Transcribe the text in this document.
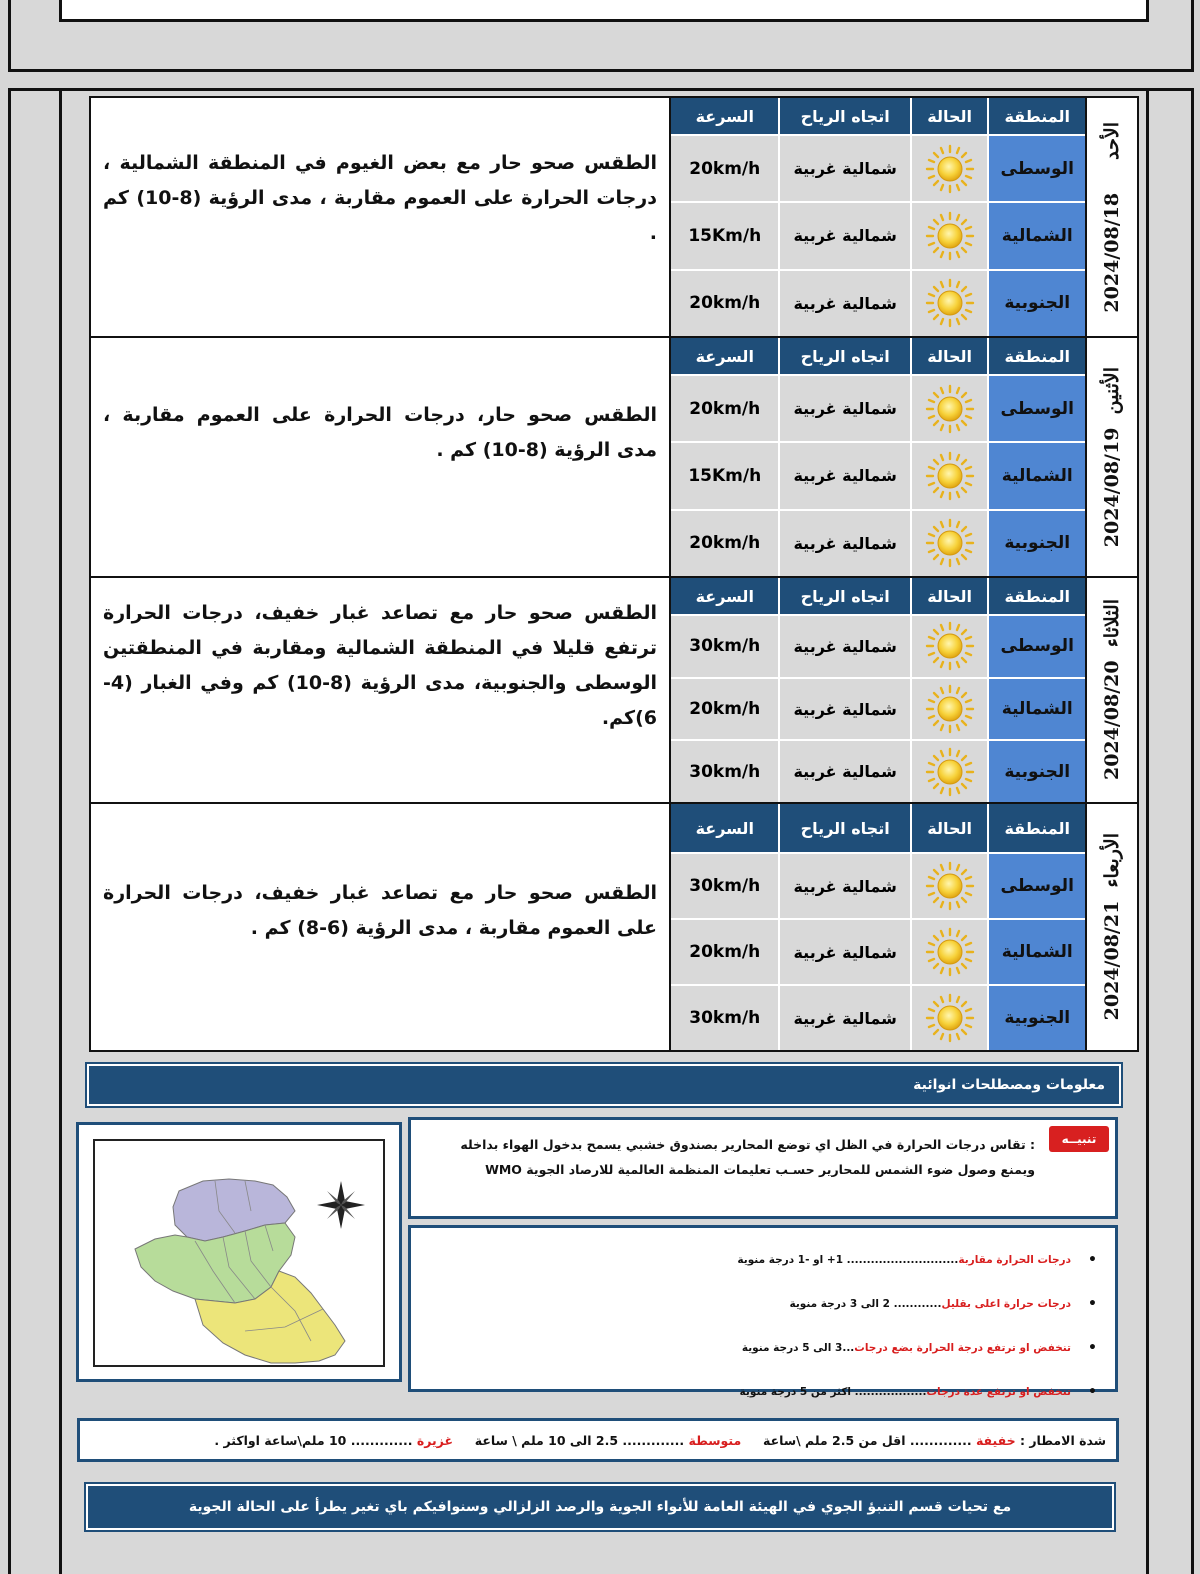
الأحد     2024/08/18
المنطقة
الحالة
اتجاه الرياح
السرعة
الوسطى
شمالية غربية
20km/h
الشمالية
شمالية غربية
15Km/h
الجنوبية
شمالية غربية
20km/h
الطقس صحو حار مع بعض الغيوم في المنطقة الشمالية ، درجات الحرارة على العموم مقاربة ، مدى الرؤية (8-10) كم .
الأثنين  2024/08/19
المنطقة
الحالة
اتجاه الرياح
السرعة
الوسطى
شمالية غربية
20km/h
الشمالية
شمالية غربية
15Km/h
الجنوبية
شمالية غربية
20km/h
الطقس صحو حار، درجات الحرارة على العموم مقاربة ، مدى الرؤية (8-10) كم .
الثلاثاء  2024/08/20
المنطقة
الحالة
اتجاه الرياح
السرعة
الوسطى
شمالية غربية
30km/h
الشمالية
شمالية غربية
20km/h
الجنوبية
شمالية غربية
30km/h
الطقس صحو حار مع تصاعد غبار خفيف، درجات الحرارة ترتفع قليلا في المنطقة الشمالية ومقاربة في المنطقتين الوسطى والجنوبية، مدى الرؤية (8-10) كم وفي الغبار (4-6)كم.
الأربعاء  2024/08/21
المنطقة
الحالة
اتجاه الرياح
السرعة
الوسطى
شمالية غربية
30km/h
الشمالية
شمالية غربية
20km/h
الجنوبية
شمالية غربية
30km/h
الطقس صحو حار مع تصاعد غبار خفيف، درجات الحرارة على العموم مقاربة ، مدى الرؤية (6-8) كم .
معلومات ومصطلحات انوائية
تنبيــه
: تقاس درجات الحرارة في الظل اي توضع المحارير بصندوق خشبي يسمح بدخول الهواء بداخله ويمنع وصول ضوء الشمس للمحارير حسـب تعليمات المنظمة العالمية للارصاد الجوية WMO
• درجات الحرارة مقاربة
............................ 1+ او -1 درجة منوية
• درجات حرارة اعلى بقليل
............ 2 الى 3 درجة منوية
• تنخفض او ترتفع درجة الحرارة بضع درجات
...3 الى 5 درجة منوية
• تنخفض او ترتفع عدة درجات
.................. اكثر من 5 درجة منوية
شدة الامطار :

خفيفة

............. اقل من 2.5 ملم \ساعة

متوسطة

............. 2.5 الى 10 ملم \ ساعة

غزيرة

............. 10 ملم\ساعة اواكثر .
مع تحيات قسم التنبؤ الجوي في الهيئة العامة للأنواء الجوية والرصد الزلزالي وسنوافيكم باي تغير يطرأ على الحالة الجوية
